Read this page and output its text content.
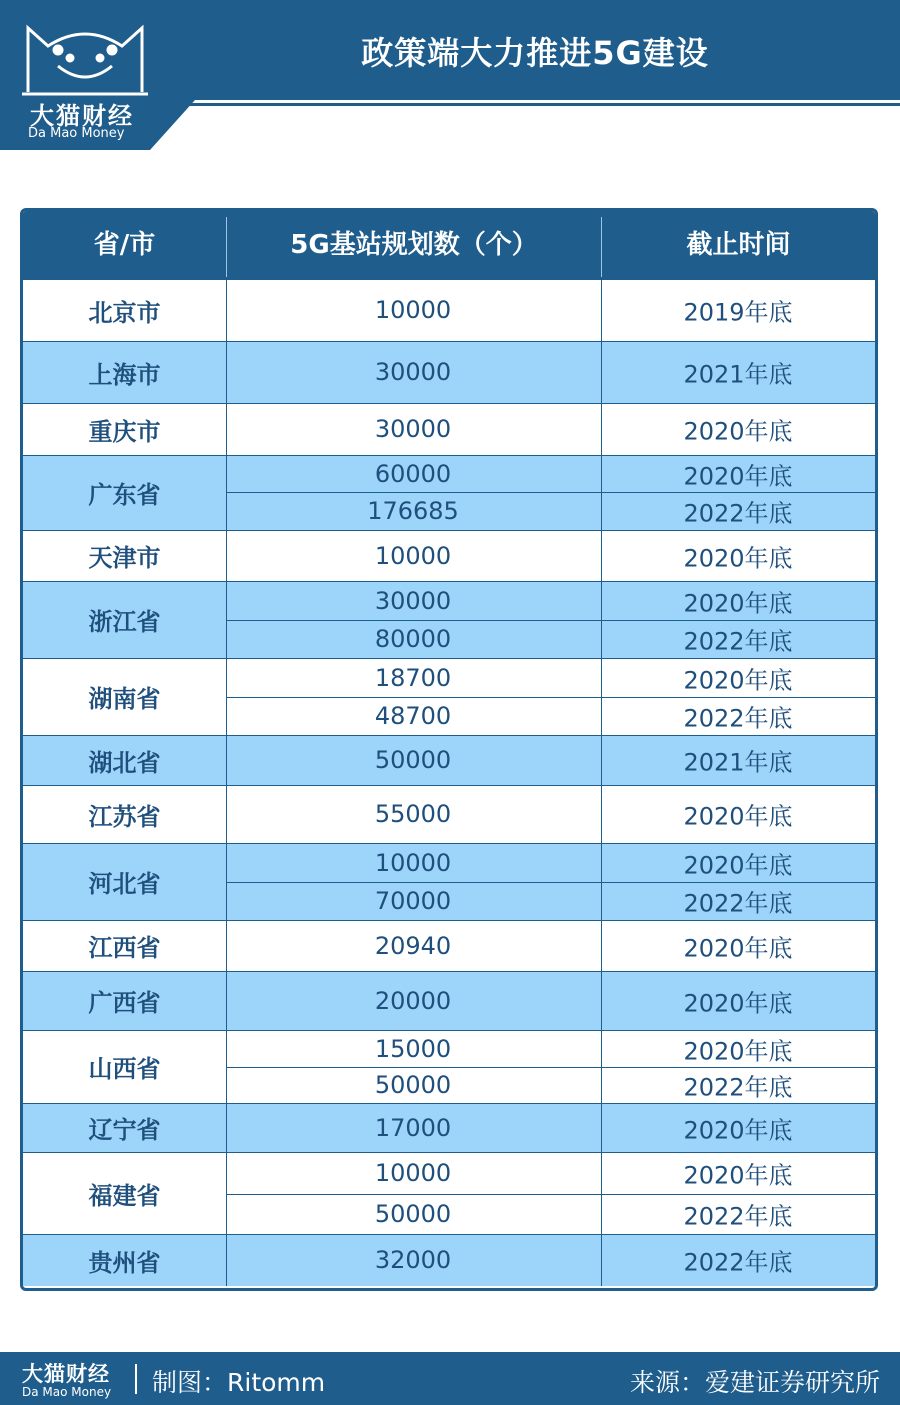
大猫财经
Da Mao Money
政策端大力推进5G建设
省/市	5G基站规划数（个）	截止时间
北京市	10000	2019年底
上海市	30000	2021年底
重庆市	30000	2020年底
广东省
60000	2020年底
176685	2022年底
天津市	10000	2020年底
浙江省
30000	2020年底
80000	2022年底
湖南省
18700	2020年底
48700	2022年底
湖北省	50000	2021年底
江苏省	55000	2020年底
河北省
10000	2020年底
70000	2022年底
江西省	20940	2020年底
广西省	20000	2020年底
山西省
15000	2020年底
50000	2022年底
辽宁省	17000	2020年底
福建省
10000	2020年底
50000	2022年底
贵州省	32000	2022年底
大猫财经
Da Mao Money 制图：Ritomm	来源：爱建证券研究所
